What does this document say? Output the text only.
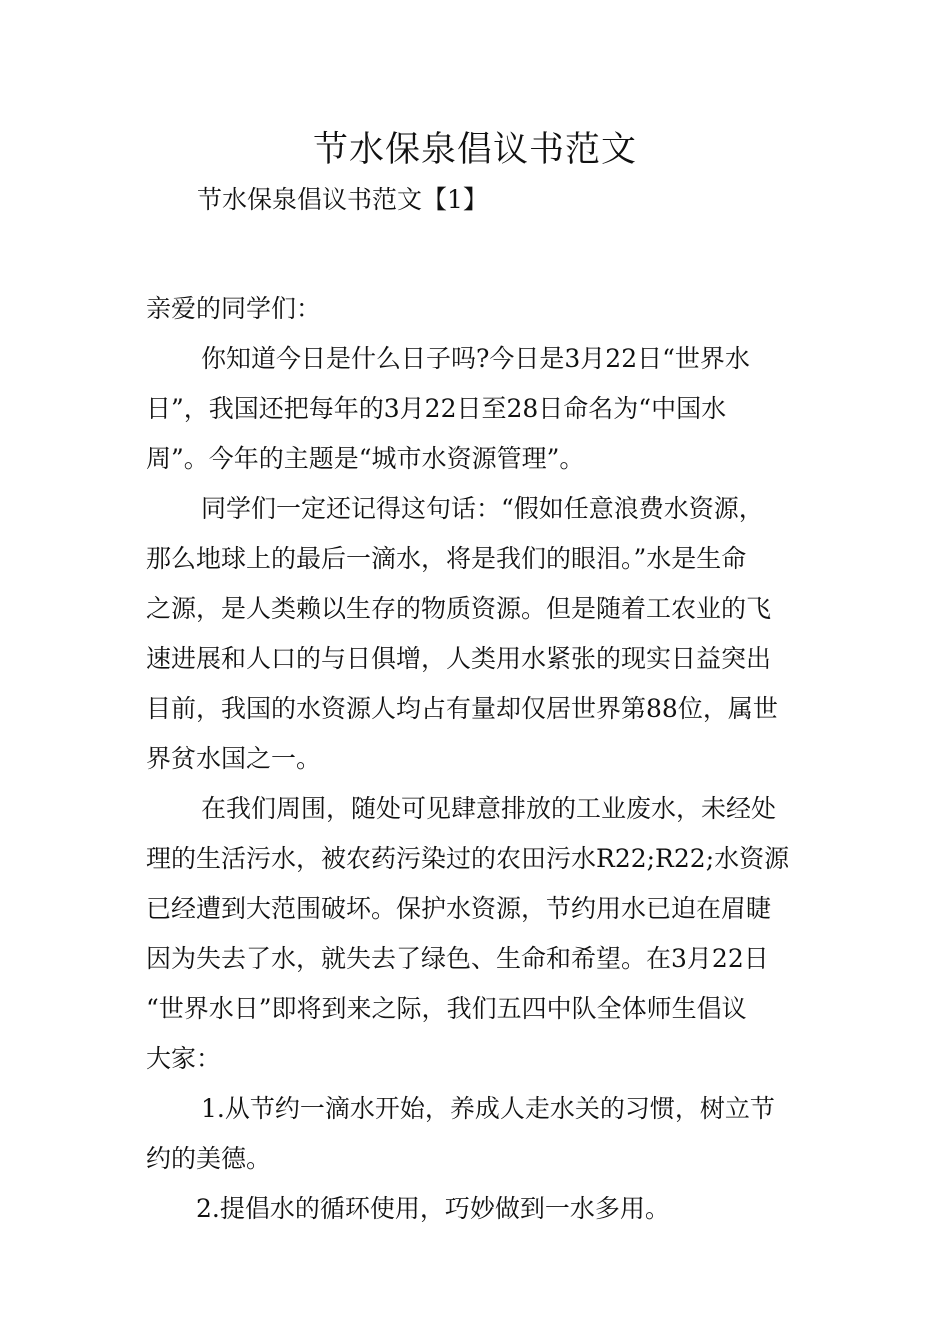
节水保泉倡议书范文
节水保泉倡议书范文【1】
亲爱的同学们：
你知道今日是什么日子吗?今日是3月22日“世界水
日”，我国还把每年的3月22日至28日命名为“中国水
周”。今年的主题是“城市水资源管理”。
同学们一定还记得这句话：“假如任意浪费水资源，
那么地球上的最后一滴水，将是我们的眼泪。”水是生命
之源，是人类赖以生存的物质资源。但是随着工农业的飞
速进展和人口的与日俱增，人类用水紧张的现实日益突出
目前，我国的水资源人均占有量却仅居世界第88位，属世
界贫水国之一。
在我们周围，随处可见肆意排放的工业废水，未经处
理的生活污水，被农药污染过的农田污水R22;R22;水资源
已经遭到大范围破坏。保护水资源，节约用水已迫在眉睫
因为失去了水，就失去了绿色、生命和希望。在3月22日
“世界水日”即将到来之际，我们五四中队全体师生倡议
大家：
1.从节约一滴水开始，养成人走水关的习惯，树立节
约的美德。
2.提倡水的循环使用，巧妙做到一水多用。
